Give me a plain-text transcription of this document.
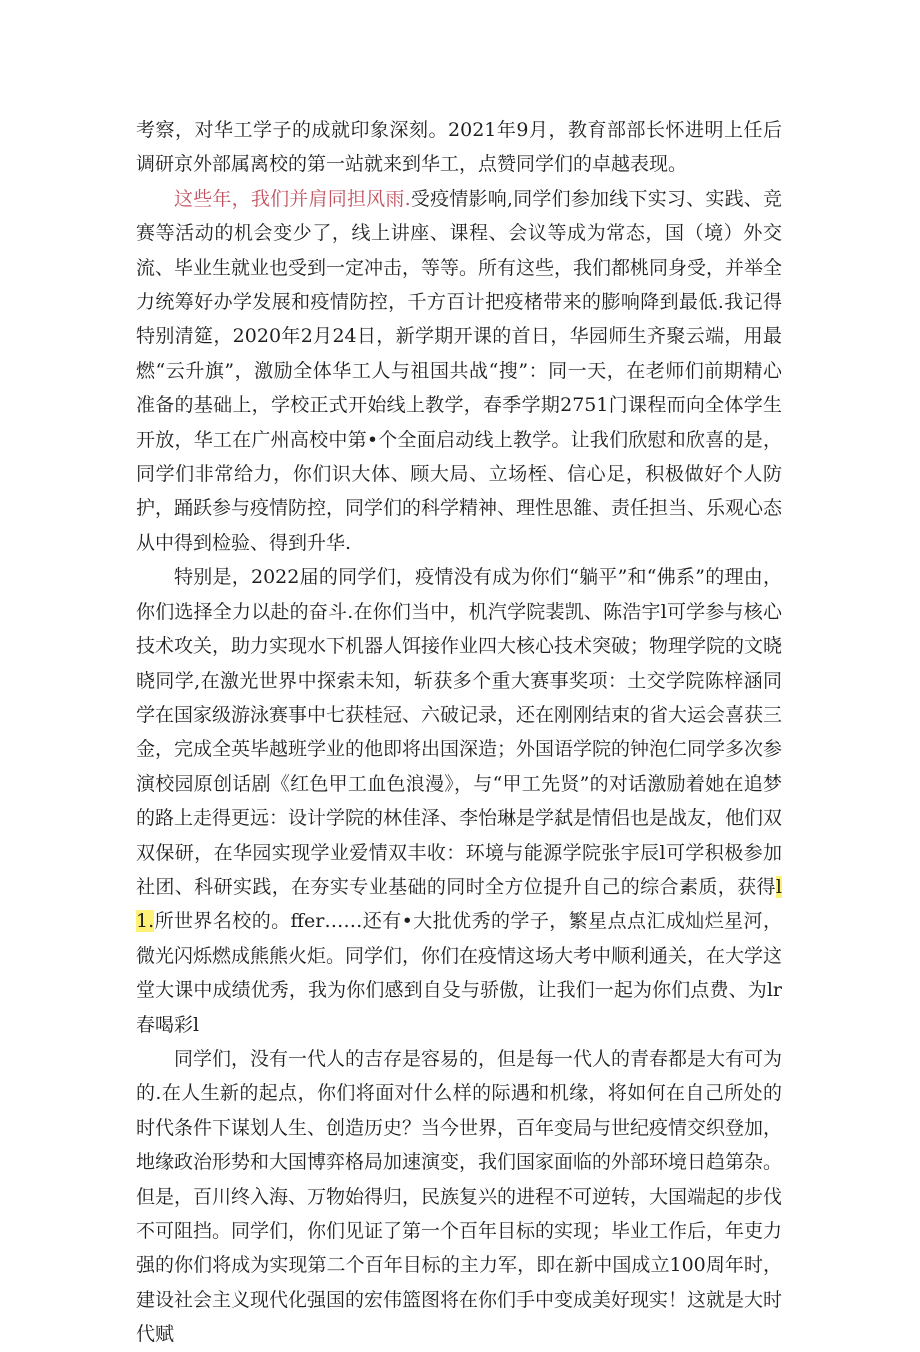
考察，对华工学子的成就印象深刻。2021年9月，教育部部长怀进明上任后调研京外部属离校的第一站就来到华工，点赞同学们的卓越表现。

这些年，我们并肩同担风雨.受疫情影响,同学们参加线下实习、实践、竞赛等活动的机会变少了，线上讲座、课程、会议等成为常态，国（境）外交流、毕业生就业也受到一定冲击，等等。所有这些，我们都桃同身受，并举全力统筹好办学发展和疫情防控，千方百计把疫楮带来的膨响降到最低.我记得特别清筵，2020年2月24日，新学期开课的首日，华园师生齐聚云端，用最燃“云升旗”，激励全体华工人与祖国共战“搜”：同一天，在老师们前期精心准备的基础上，学校正式开始线上教学，春季学期2751门课程而向全体学生开放，华工在广州高校中第•个全面启动线上教学。让我们欣慰和欣喜的是，同学们非常给力，你们识大体、顾大局、立场桎、信心足，积极做好个人防护，踊跃参与疫情防控，同学们的科学精神、理性思雒、责任担当、乐观心态从中得到检验、得到升华.

特别是，2022届的同学们，疫情没有成为你们“躺平”和“佛系”的理由，你们选择全力以赴的奋斗.在你们当中，机汽学院裴凯、陈浩宇l可学参与核心技术攻关，助力实现水下机器人饵接作业四大核心技术突破；物理学院的文晓晓同学,在激光世界中探索未知，斩获多个重大赛事奖项：土交学院陈梓涵同学在国家级游泳赛事中七获桂冠、六破记录，还在刚刚结束的省大运会喜获三金，完成全英毕越班学业的他即将出国深造；外国语学院的钟泡仁同学多次参演校园原创话剧《红色甲工血色浪漫》，与“甲工先贤”的对话激励着她在追梦的路上走得更远：设计学院的林佳泽、李怡琳是学弑是情侣也是战友，他们双双保研，在华园实现学业爱情双丰收：环境与能源学院张宇辰l可学积极参加社团、科研实践，在夯实专业基础的同时全方位提升自己的综合素质，获得l1.所世界名校的。ffer……还有•大批优秀的学子，繁星点点汇成灿烂星河，微光闪烁燃成熊熊火炬。同学们，你们在疫情这场大考中顺利通关，在大学这堂大课中成绩优秀，我为你们感到自殳与骄傲，让我们一起为你们点费、为lr春喝彩l

同学们，没有一代人的吉存是容易的，但是每一代人的青春都是大有可为的.在人生新的起点，你们将面对什么样的际遇和机缘，将如何在自己所处的时代条件下谋划人生、创造历史？当今世界，百年变局与世纪疫情交织登加，地缘政治形势和大国博弈格局加速演变，我们国家面临的外部环境日趋第杂。但是，百川终入海、万物始得归，民族复兴的进程不可逆转，大国端起的步伐不可阻挡。同学们，你们见证了第一个百年目标的实现；毕业工作后，年吏力强的你们将成为实现第二个百年目标的主力军，即在新中国成立100周年时，建设社会主义现代化强国的宏伟篮图将在你们手中变成美好现实！这就是大时代赋
